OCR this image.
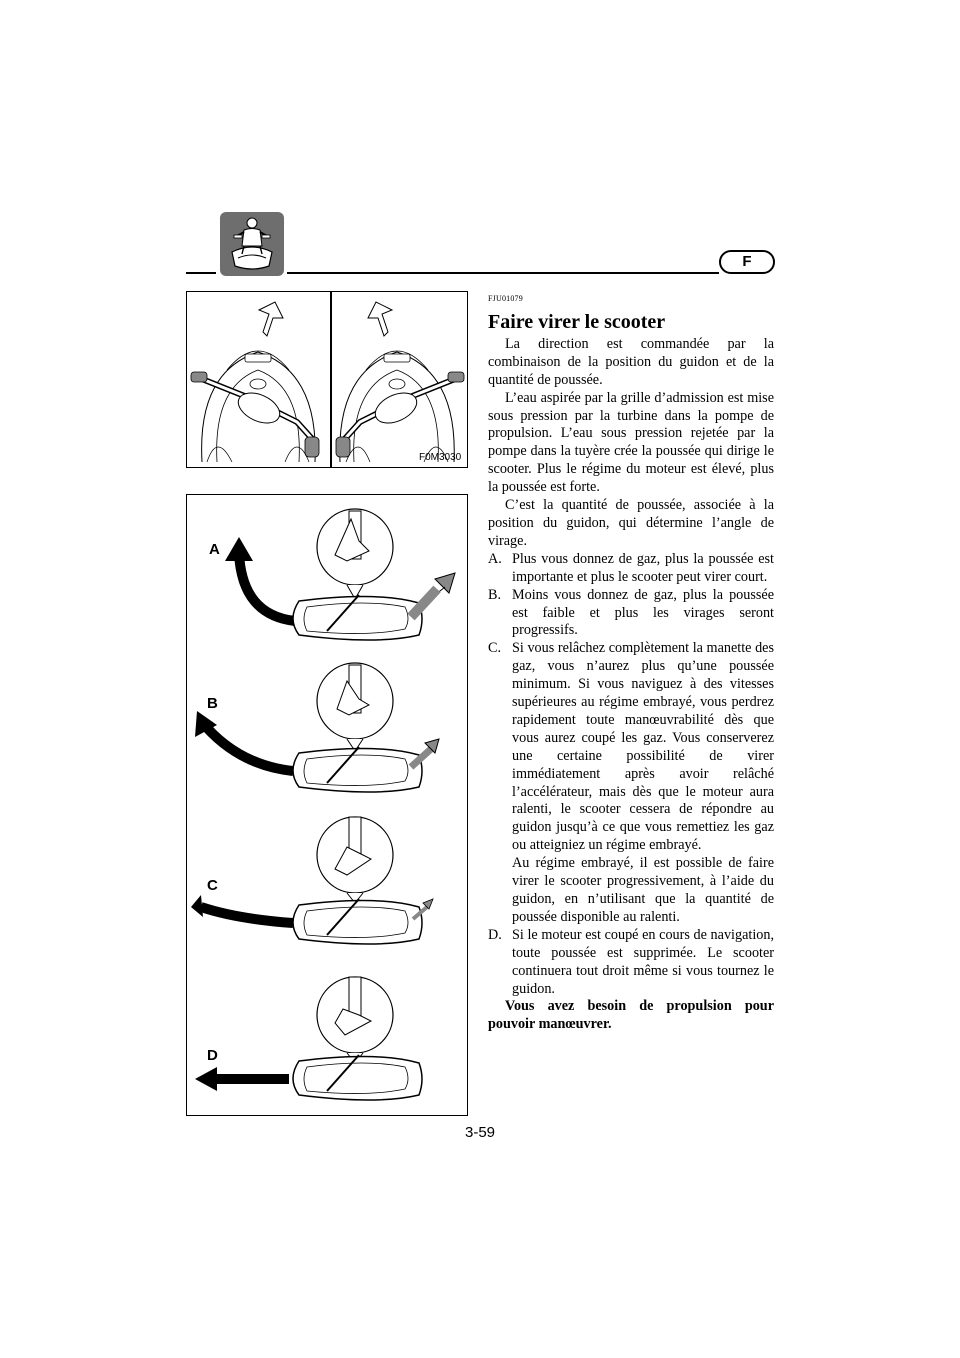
F
F0M3030
A
B
C
D
FJU01079
Faire virer le scooter

La direction est commandée par la combinaison de la position du guidon et de la quantité de poussée.

L’eau aspirée par la grille d’admission est mise sous pression par la turbine dans la pompe de propulsion. L’eau sous pression rejetée par la pompe dans la tuyère crée la poussée qui dirige le scooter. Plus le régime du moteur est élevé, plus la poussée est forte.

C’est la quantité de poussée, associée à la position du guidon, qui détermine l’angle de virage.

A. Plus vous donnez de gaz, plus la poussée est importante et plus le scooter peut virer court.
B. Moins vous donnez de gaz, plus la poussée est faible et plus les virages seront progressifs.
C. Si vous relâchez complètement la manette des gaz, vous n’aurez plus qu’une poussée minimum. Si vous naviguez à des vitesses supérieures au régime embrayé, vous perdrez rapidement toute manœuvrabilité dès que vous aurez coupé les gaz. Vous conserverez une certaine possibilité de virer immédiatement après avoir relâché l’accélérateur, mais dès que le moteur aura ralenti, le scooter cessera de répondre au guidon jusqu’à ce que vous remettiez les gaz ou atteigniez un régime embrayé.

Au régime embrayé, il est possible de faire virer le scooter progressivement, à l’aide du guidon, en n’utilisant que la quantité de poussée disponible au ralenti.

D. Si le moteur est coupé en cours de navigation, toute poussée est supprimée. Le scooter continuera tout droit même si vous tournez le guidon.

Vous avez besoin de propulsion pour pouvoir manœuvrer.

3-59
